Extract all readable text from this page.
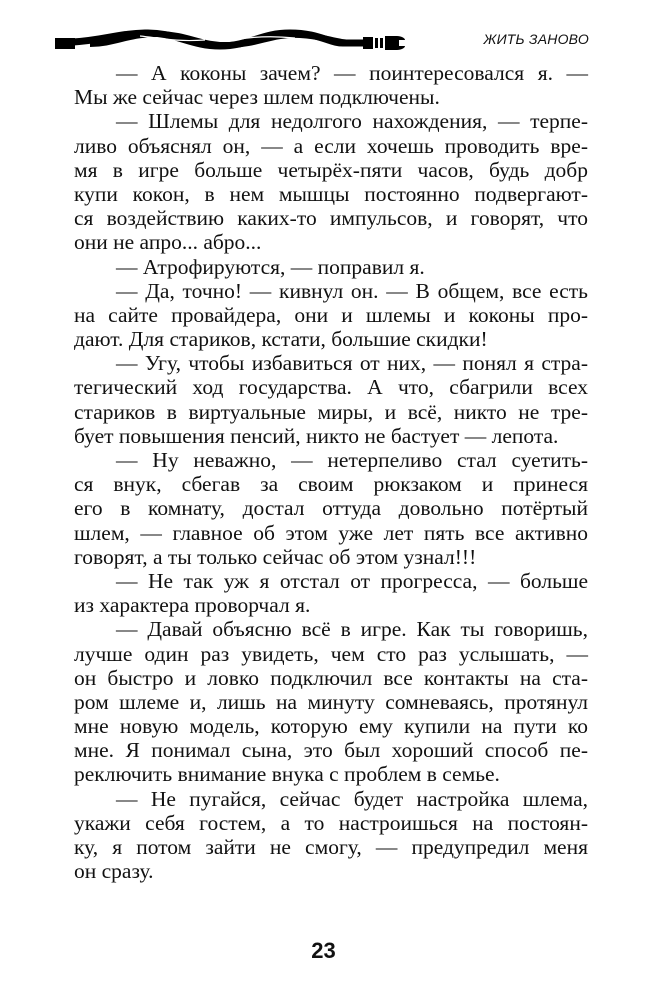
ЖИТЬ ЗАНОВО
— А коконы зачем? — поинтересовался я. —
Мы же сейчас через шлем подключены.
— Шлемы для недолгого нахождения, — терпе-
ливо объяснял он, — а если хочешь проводить вре-
мя в игре больше четырёх-пяти часов, будь добр
купи кокон, в нем мышцы постоянно подвергают-
ся воздействию каких-то импульсов, и говорят, что
они не апро... абро...
— Атрофируются, — поправил я.
— Да, точно! — кивнул он. — В общем, все есть
на сайте провайдера, они и шлемы и коконы про-
дают. Для стариков, кстати, большие скидки!
— Угу, чтобы избавиться от них, — понял я стра-
тегический ход государства. А что, сбагрили всех
стариков в виртуальные миры, и всё, никто не тре-
бует повышения пенсий, никто не бастует — лепота.
— Ну неважно, — нетерпеливо стал суетить-
ся внук, сбегав за своим рюкзаком и принеся
его в комнату, достал оттуда довольно потёртый
шлем, — главное об этом уже лет пять все активно
говорят, а ты только сейчас об этом узнал!!!
— Не так уж я отстал от прогресса, — больше
из характера проворчал я.
— Давай объясню всё в игре. Как ты говоришь,
лучше один раз увидеть, чем сто раз услышать, —
он быстро и ловко подключил все контакты на ста-
ром шлеме и, лишь на минуту сомневаясь, протянул
мне новую модель, которую ему купили на пути ко
мне. Я понимал сына, это был хороший способ пе-
реключить внимание внука с проблем в семье.
— Не пугайся, сейчас будет настройка шлема,
укажи себя гостем, а то настроишься на постоян-
ку, я потом зайти не смогу, — предупредил меня
он сразу.
23
